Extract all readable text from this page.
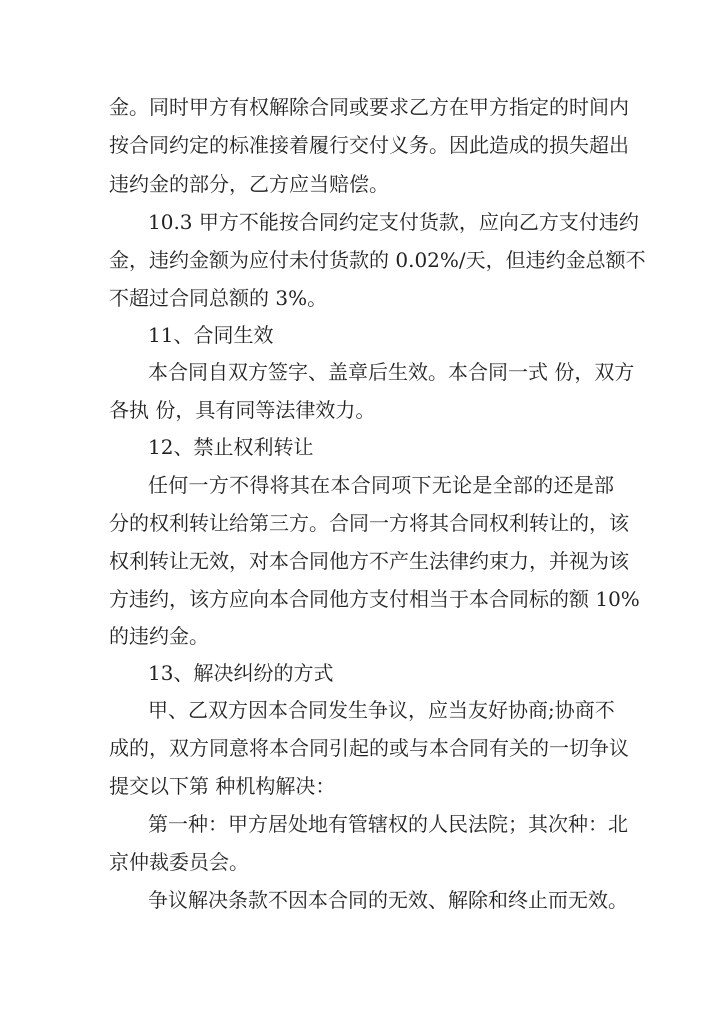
金。同时甲方有权解除合同或要求乙方在甲方指定的时间内

按合同约定的标准接着履行交付义务。因此造成的损失超出

违约金的部分，乙方应当赔偿。

10.3 甲方不能按合同约定支付货款，应向乙方支付违约

金，违约金额为应付未付货款的 0.02%/天，但违约金总额不

不超过合同总额的 3%。

11、合同生效

本合同自双方签字、盖章后生效。本合同一式 份，双方

各执 份，具有同等法律效力。

12、禁止权利转让

任何一方不得将其在本合同项下无论是全部的还是部

分的权利转让给第三方。合同一方将其合同权利转让的，该

权利转让无效，对本合同他方不产生法律约束力，并视为该

方违约，该方应向本合同他方支付相当于本合同标的额 10%

的违约金。

13、解决纠纷的方式

甲、乙双方因本合同发生争议，应当友好协商;协商不

成的，双方同意将本合同引起的或与本合同有关的一切争议

提交以下第 种机构解决：

第一种：甲方居处地有管辖权的人民法院；其次种：北

京仲裁委员会。

争议解决条款不因本合同的无效、解除和终止而无效。
